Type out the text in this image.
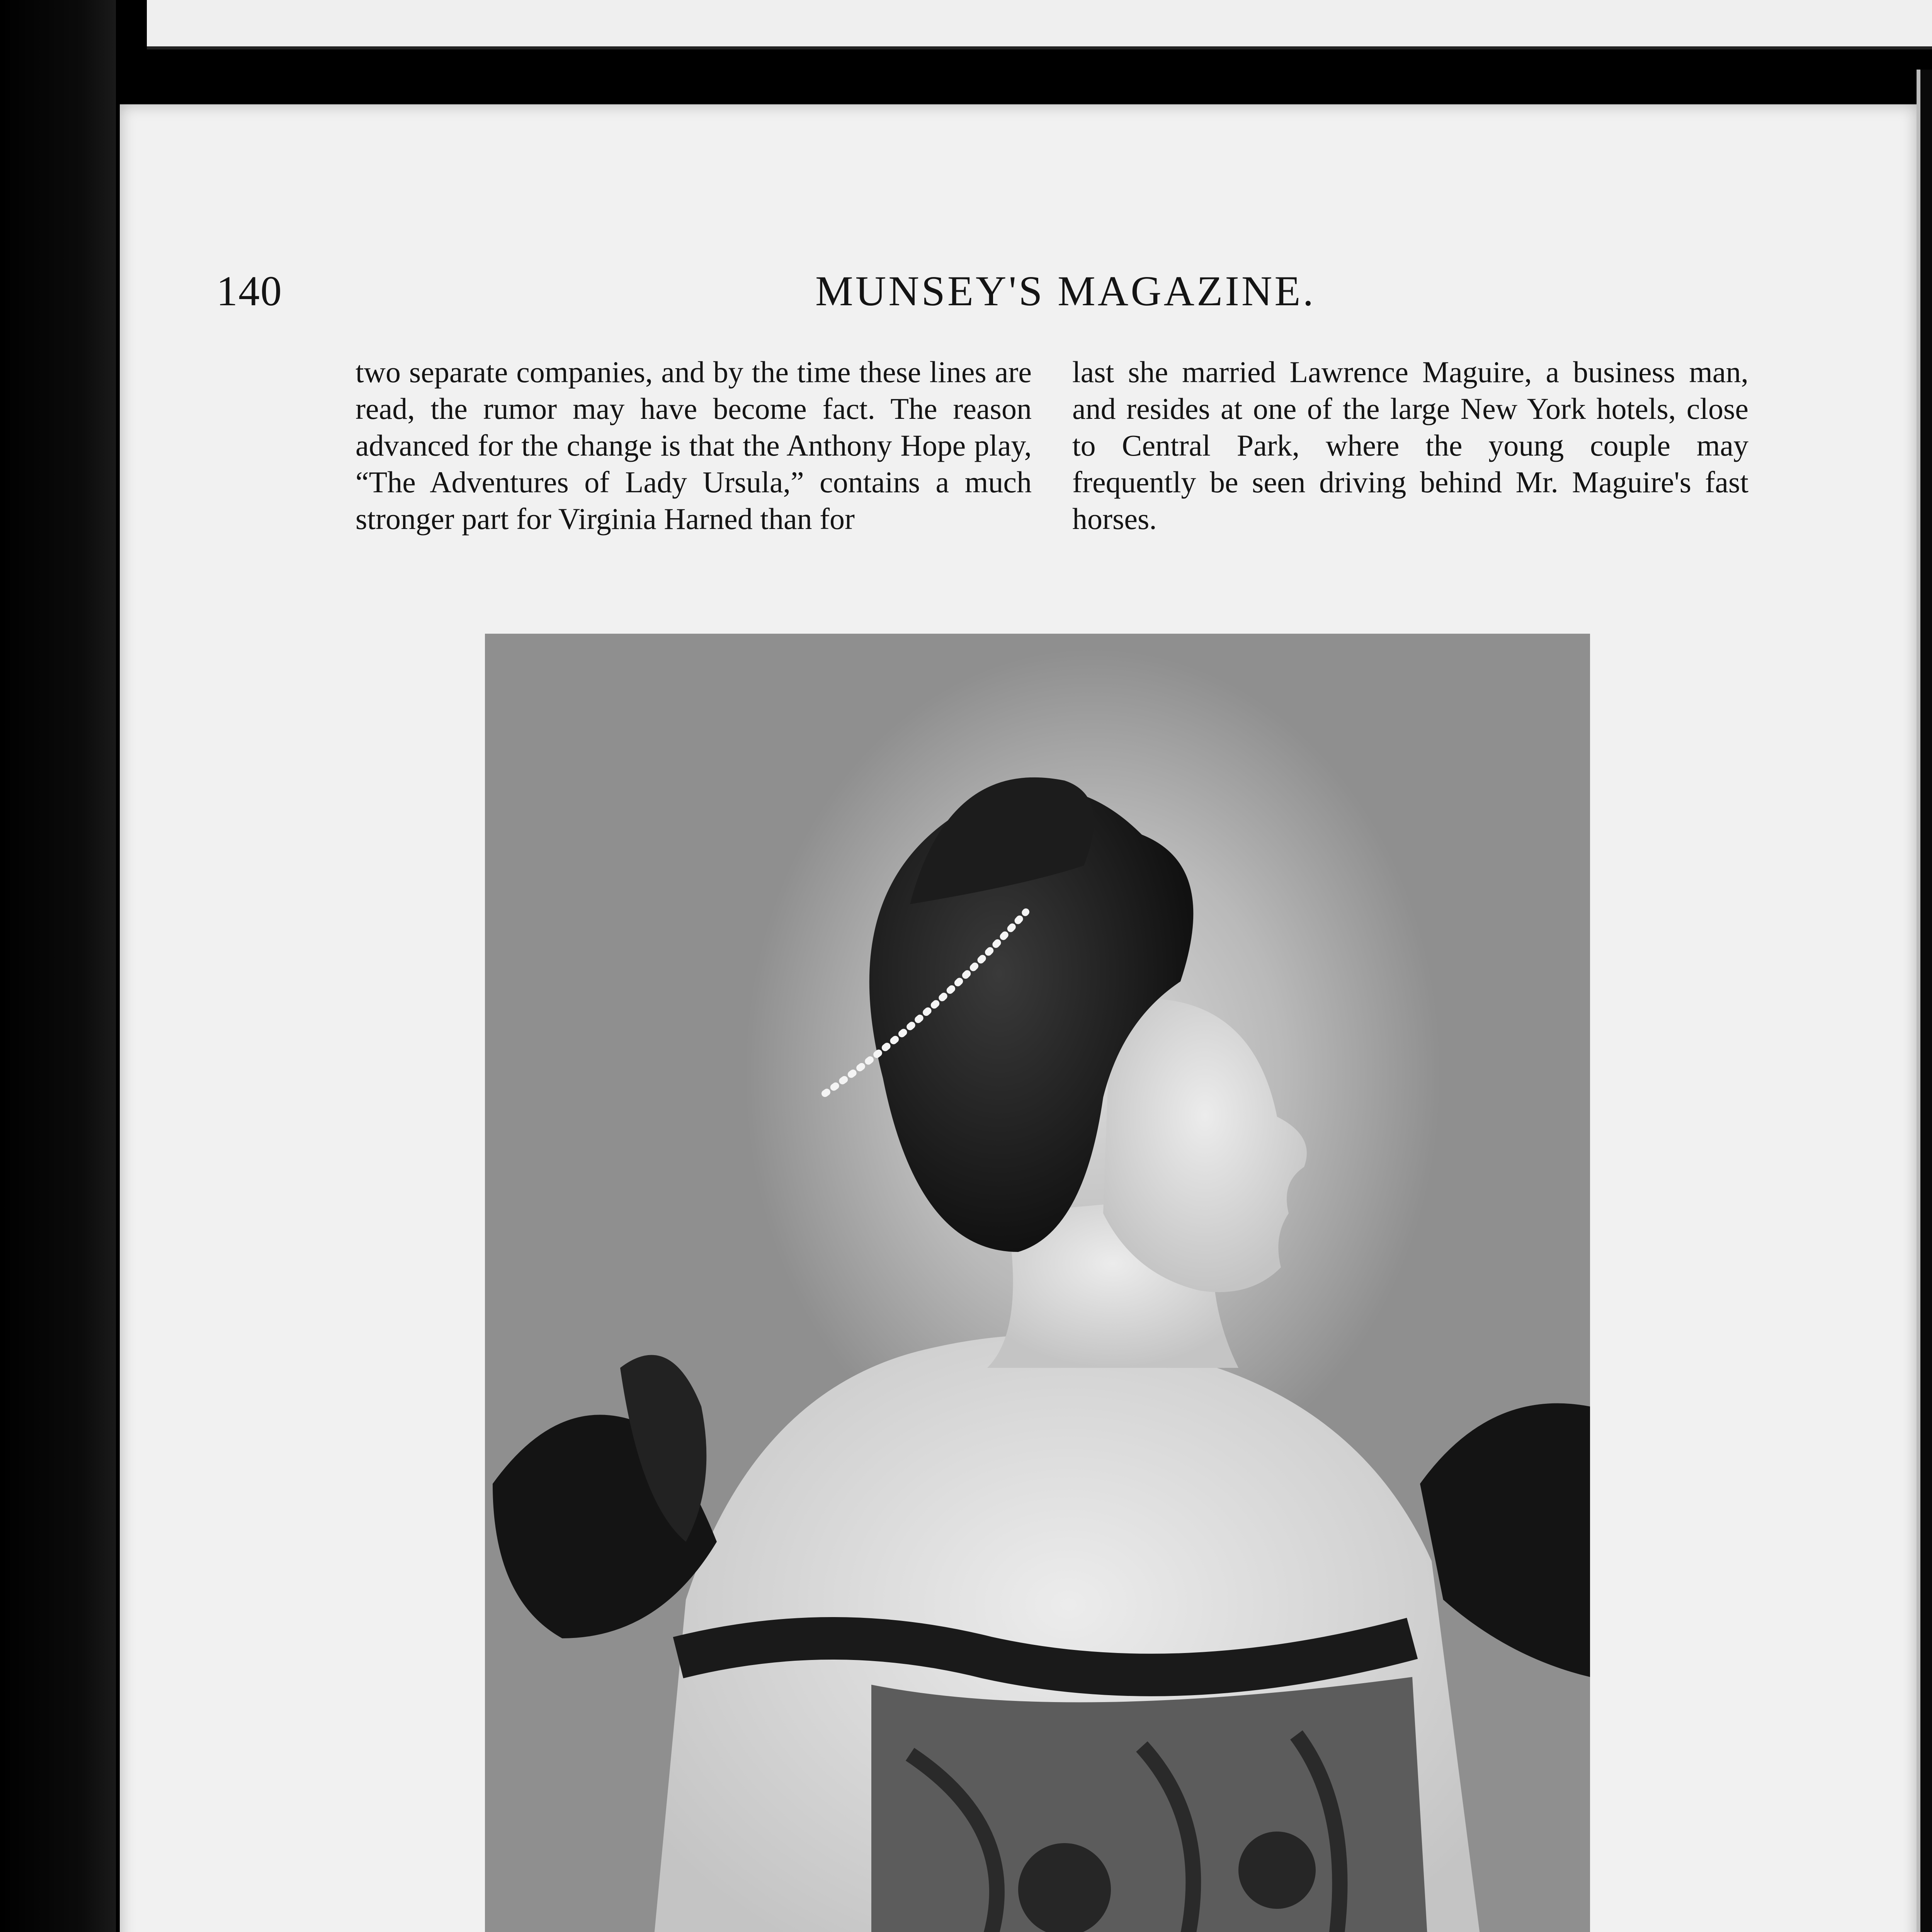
140	MUNSEY'S MAGAZINE.

two separate companies, and by the time these lines are read, the rumor may have become fact. The reason advanced for the change is that the Anthony Hope play, “The Adventures of Lady Ursula,” contains a much stronger part for Virginia Harned than for

last she married Lawrence Maguire, a business man, and resides at one of the large New York hotels, close to Central Park, where the young couple may frequently be seen driving behind Mr. Maguire's fast horses.
